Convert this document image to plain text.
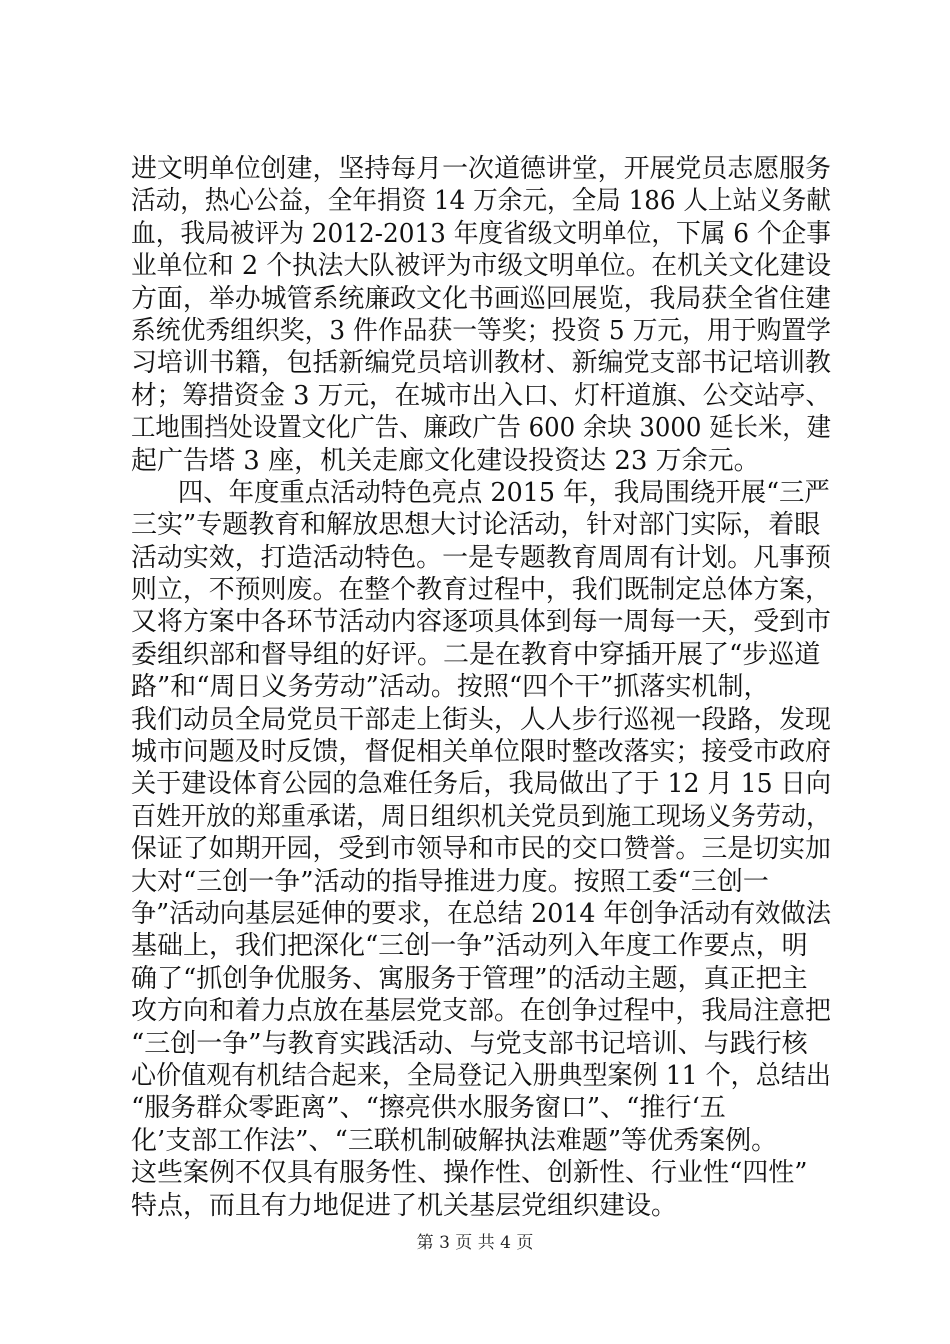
进文明单位创建，坚持每月一次道德讲堂，开展党员志愿服务
活动，热心公益，全年捐资 14 万余元，全局 186 人上站义务献
血，我局被评为 2012-2013 年度省级文明单位，下属 6 个企事
业单位和 2 个执法大队被评为市级文明单位。在机关文化建设
方面，举办城管系统廉政文化书画巡回展览，我局获全省住建
系统优秀组织奖，3 件作品获一等奖；投资 5 万元，用于购置学
习培训书籍，包括新编党员培训教材、新编党支部书记培训教
材；筹措资金 3 万元，在城市出入口、灯杆道旗、公交站亭、
工地围挡处设置文化广告、廉政广告 600 余块 3000 延长米，建
起广告塔 3 座，机关走廊文化建设投资达 23 万余元。
四、年度重点活动特色亮点 2015 年，我局围绕开展“三严
三实”专题教育和解放思想大讨论活动，针对部门实际，着眼
活动实效，打造活动特色。一是专题教育周周有计划。凡事预
则立，不预则废。在整个教育过程中，我们既制定总体方案，
又将方案中各环节活动内容逐项具体到每一周每一天，受到市
委组织部和督导组的好评。二是在教育中穿插开展了“步巡道
路”和“周日义务劳动”活动。按照“四个干”抓落实机制，
我们动员全局党员干部走上街头，人人步行巡视一段路，发现
城市问题及时反馈，督促相关单位限时整改落实；接受市政府
关于建设体育公园的急难任务后，我局做出了于 12 月 15 日向
百姓开放的郑重承诺，周日组织机关党员到施工现场义务劳动，
保证了如期开园，受到市领导和市民的交口赞誉。三是切实加
大对“三创一争”活动的指导推进力度。按照工委“三创一
争”活动向基层延伸的要求，在总结 2014 年创争活动有效做法
基础上，我们把深化“三创一争”活动列入年度工作要点，明
确了“抓创争优服务、寓服务于管理”的活动主题，真正把主
攻方向和着力点放在基层党支部。在创争过程中，我局注意把
“三创一争”与教育实践活动、与党支部书记培训、与践行核
心价值观有机结合起来，全局登记入册典型案例 11 个，总结出
“服务群众零距离”、“擦亮供水服务窗口”、“推行‘五
化’支部工作法”、“三联机制破解执法难题”等优秀案例。
这些案例不仅具有服务性、操作性、创新性、行业性“四性”
特点，而且有力地促进了机关基层党组织建设。
第 3 页 共 4 页
